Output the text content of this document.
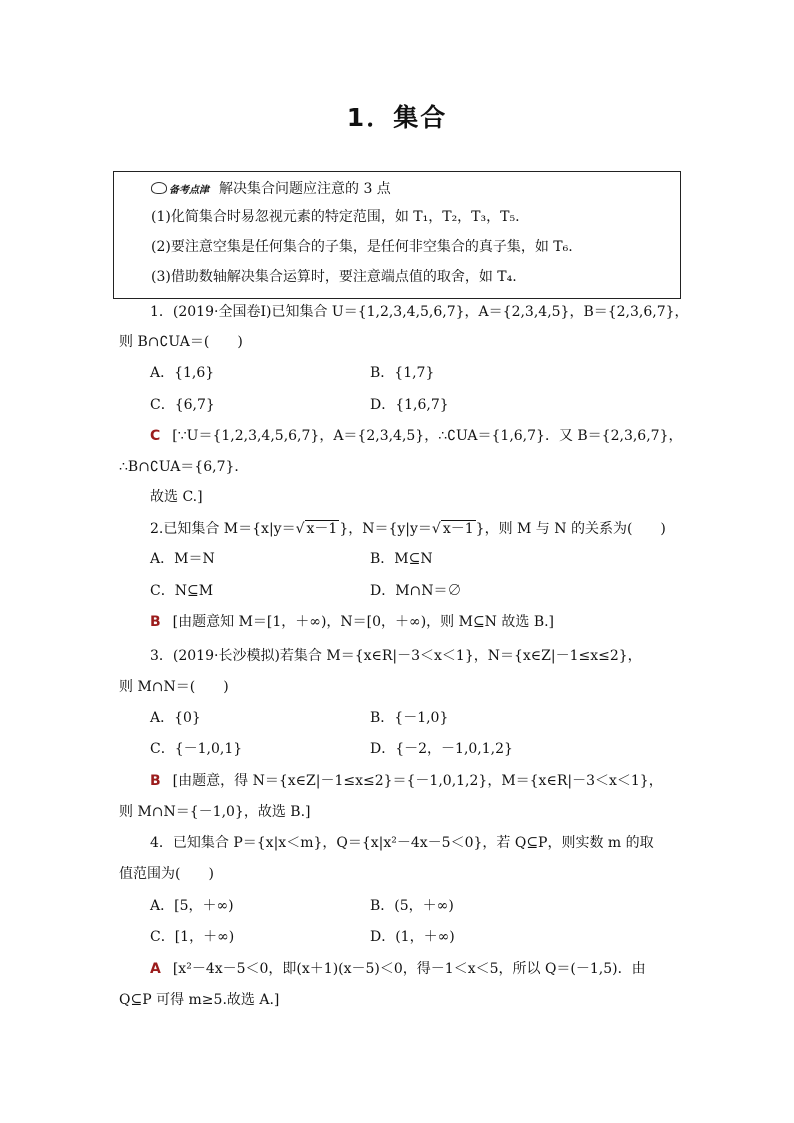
1．集合
备考点津 解决集合问题应注意的 3 点
(1)化简集合时易忽视元素的特定范围，如 T₁，T₂，T₃，T₅.
(2)要注意空集是任何集合的子集，是任何非空集合的真子集，如 T₆.
(3)借助数轴解决集合运算时，要注意端点值的取舍，如 T₄.
1．(2019·全国卷Ⅰ)已知集合 U＝{1,2,3,4,5,6,7}，A＝{2,3,4,5}，B＝{2,3,6,7}，
则 B∩∁UA＝(　　)
A．{1,6}	B．{1,7}
C．{6,7}	D．{1,6,7}
C [∵U＝{1,2,3,4,5,6,7}，A＝{2,3,4,5}，∴∁UA＝{1,6,7}．又 B＝{2,3,6,7}，
∴B∩∁UA＝{6,7}．
故选 C.]
2.已知集合 M＝{x|y＝√ x－1 }，N＝{y|y＝√ x－1 }，则 M 与 N 的关系为(　　)
A．M＝N	B．M⊆N
C．N⊆M	D．M∩N＝∅
B [由题意知 M＝[1，＋∞)，N＝[0，＋∞)，则 M⊆N 故选 B.]
3．(2019·长沙模拟)若集合 M＝{x∈R|－3＜x＜1}，N＝{x∈Z|－1≤x≤2}，
则 M∩N＝(　　)
A．{0}	B．{－1,0}
C．{－1,0,1}	D．{－2，－1,0,1,2}
B [由题意，得 N＝{x∈Z|－1≤x≤2}＝{－1,0,1,2}，M＝{x∈R|－3＜x＜1}，
则 M∩N＝{－1,0}，故选 B.]
4．已知集合 P＝{x|x＜m}，Q＝{x|x²－4x－5＜0}，若 Q⊆P，则实数 m 的取
值范围为(　　)
A．[5，＋∞)	B．(5，＋∞)
C．[1，＋∞)	D．(1，＋∞)
A [x²－4x－5＜0，即(x＋1)(x－5)＜0，得－1＜x＜5，所以 Q＝(－1,5)．由
Q⊆P 可得 m≥5.故选 A.]
